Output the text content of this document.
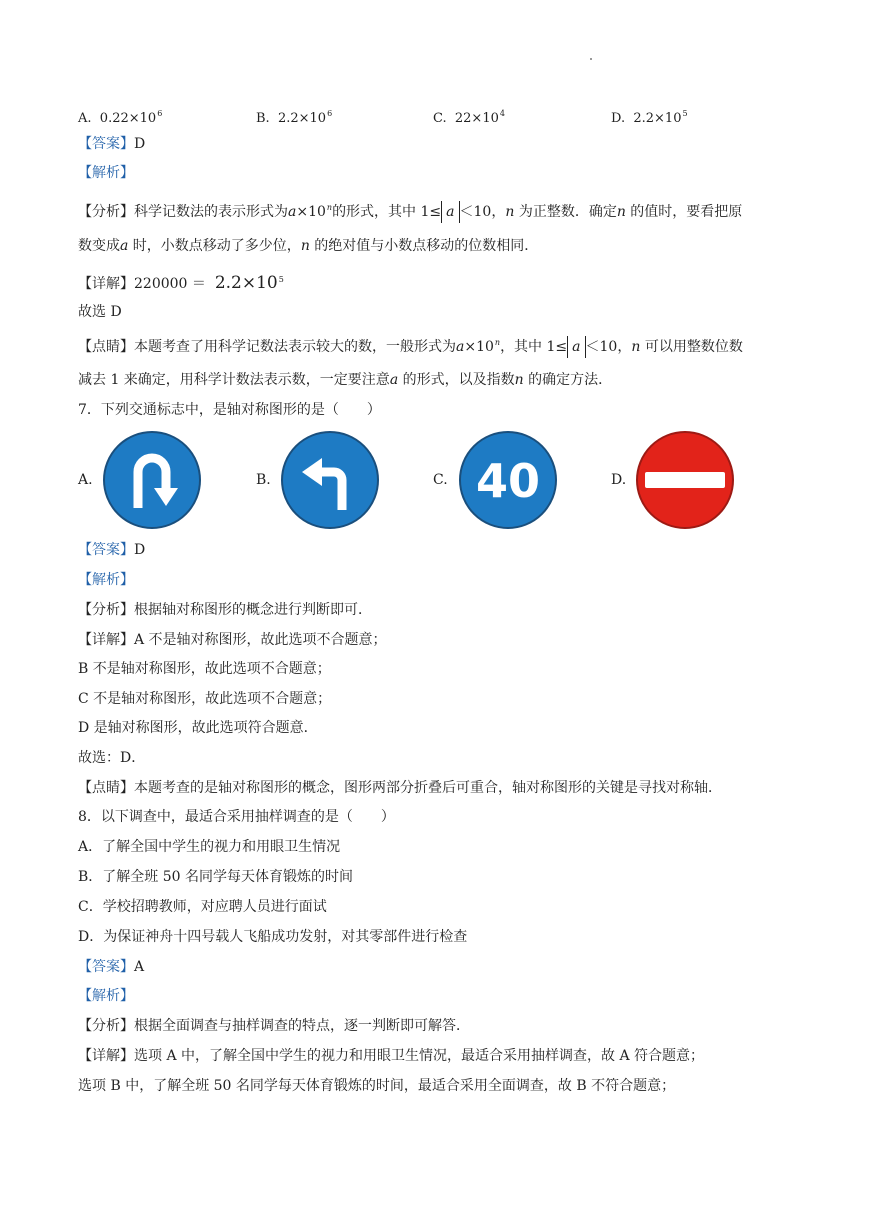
A. $0.22\times 10^6$	B. $2.2\times 10^6$	C. $22\times 10^4$	D. $2.2\times 10^5$
【答案】D
【解析】
【分析】科学记数法的表示形式为$a\times 10^n$的形式，其中 1≤ a ＜10，n 为正整数．确定n 的值时，要看把原
数变成a 时，小数点移动了多少位，n 的绝对值与小数点移动的位数相同．
【详解】$220000 = 2.2\times 10^5$
故选 D
【点睛】本题考查了用科学记数法表示较大的数，一般形式为$a\times 10^n$，其中 1≤ a ＜10，n 可以用整数位数
减去 1 来确定，用科学计数法表示数，一定要注意a 的形式，以及指数n 的确定方法．
7．下列交通标志中，是轴对称图形的是（　　）
A.	B.	C.	D.
40
【答案】D
【解析】
【分析】根据轴对称图形的概念进行判断即可．
【详解】A 不是轴对称图形，故此选项不合题意；
B 不是轴对称图形，故此选项不合题意；
C 不是轴对称图形，故此选项不合题意；
D 是轴对称图形，故此选项符合题意．
故选：D．
【点睛】本题考查的是轴对称图形的概念，图形两部分折叠后可重合，轴对称图形的关键是寻找对称轴．
8．以下调查中，最适合采用抽样调查的是（　　）
A．了解全国中学生的视力和用眼卫生情况
B．了解全班 50 名同学每天体育锻炼的时间
C．学校招聘教师，对应聘人员进行面试
D．为保证神舟十四号载人飞船成功发射，对其零部件进行检查
【答案】A
【解析】
【分析】根据全面调查与抽样调查的特点，逐一判断即可解答．
【详解】选项 A 中，了解全国中学生的视力和用眼卫生情况，最适合采用抽样调查，故 A 符合题意；
选项 B 中，了解全班 50 名同学每天体育锻炼的时间，最适合采用全面调查，故 B 不符合题意；
